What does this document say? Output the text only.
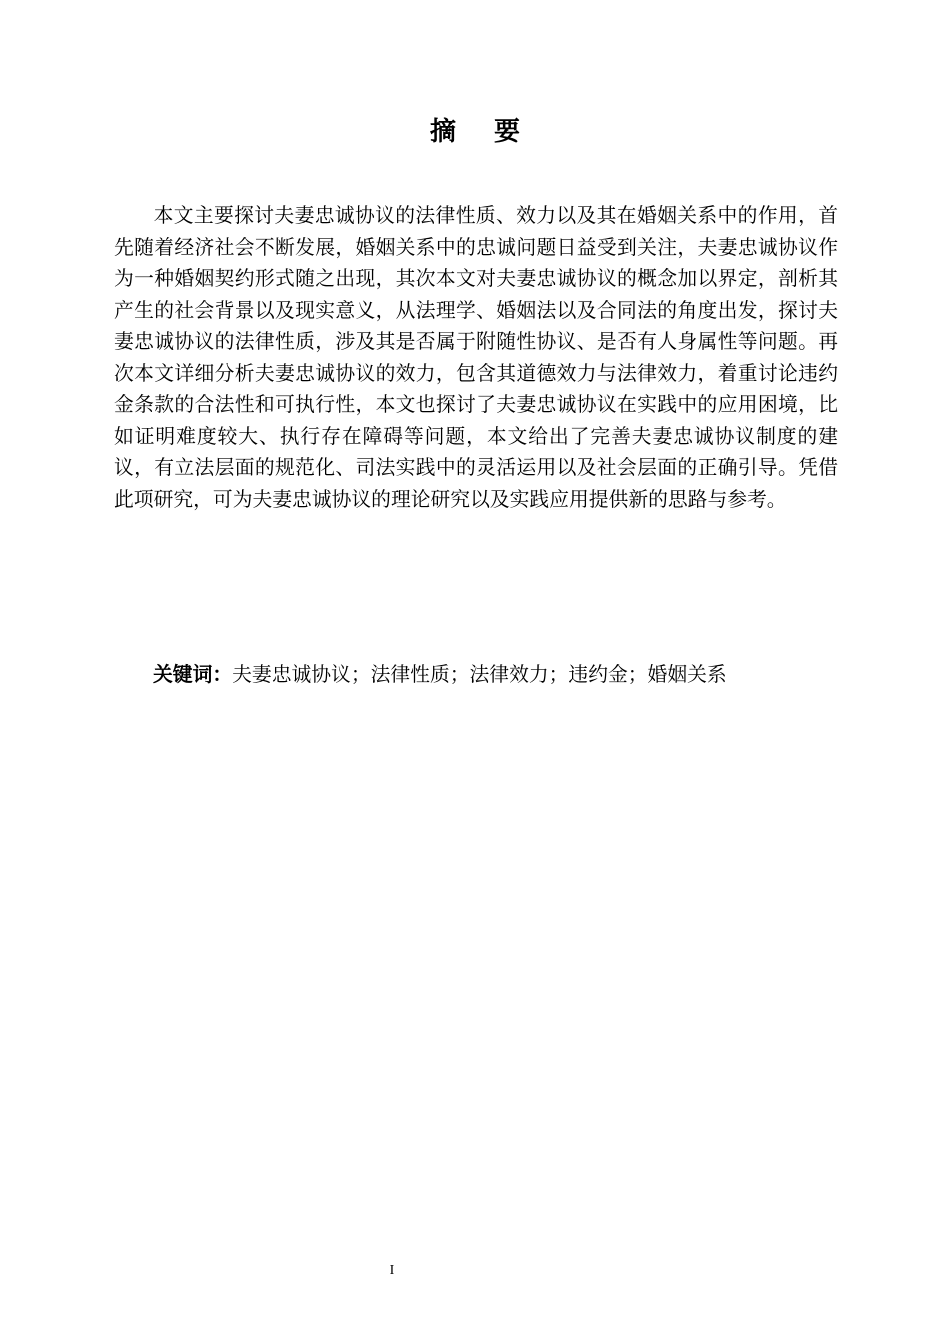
摘要

本文主要探讨夫妻忠诚协议的法律性质、效力以及其在婚姻关系中的作用，首先随着经济社会不断发展，婚姻关系中的忠诚问题日益受到关注，夫妻忠诚协议作为一种婚姻契约形式随之出现，其次本文对夫妻忠诚协议的概念加以界定，剖析其产生的社会背景以及现实意义，从法理学、婚姻法以及合同法的角度出发，探讨夫妻忠诚协议的法律性质，涉及其是否属于附随性协议、是否有人身属性等问题。再次本文详细分析夫妻忠诚协议的效力，包含其道德效力与法律效力，着重讨论违约金条款的合法性和可执行性，本文也探讨了夫妻忠诚协议在实践中的应用困境，比如证明难度较大、执行存在障碍等问题，本文给出了完善夫妻忠诚协议制度的建议，有立法层面的规范化、司法实践中的灵活运用以及社会层面的正确引导。凭借此项研究，可为夫妻忠诚协议的理论研究以及实践应用提供新的思路与参考。

关键词：夫妻忠诚协议；法律性质；法律效力；违约金；婚姻关系
I
